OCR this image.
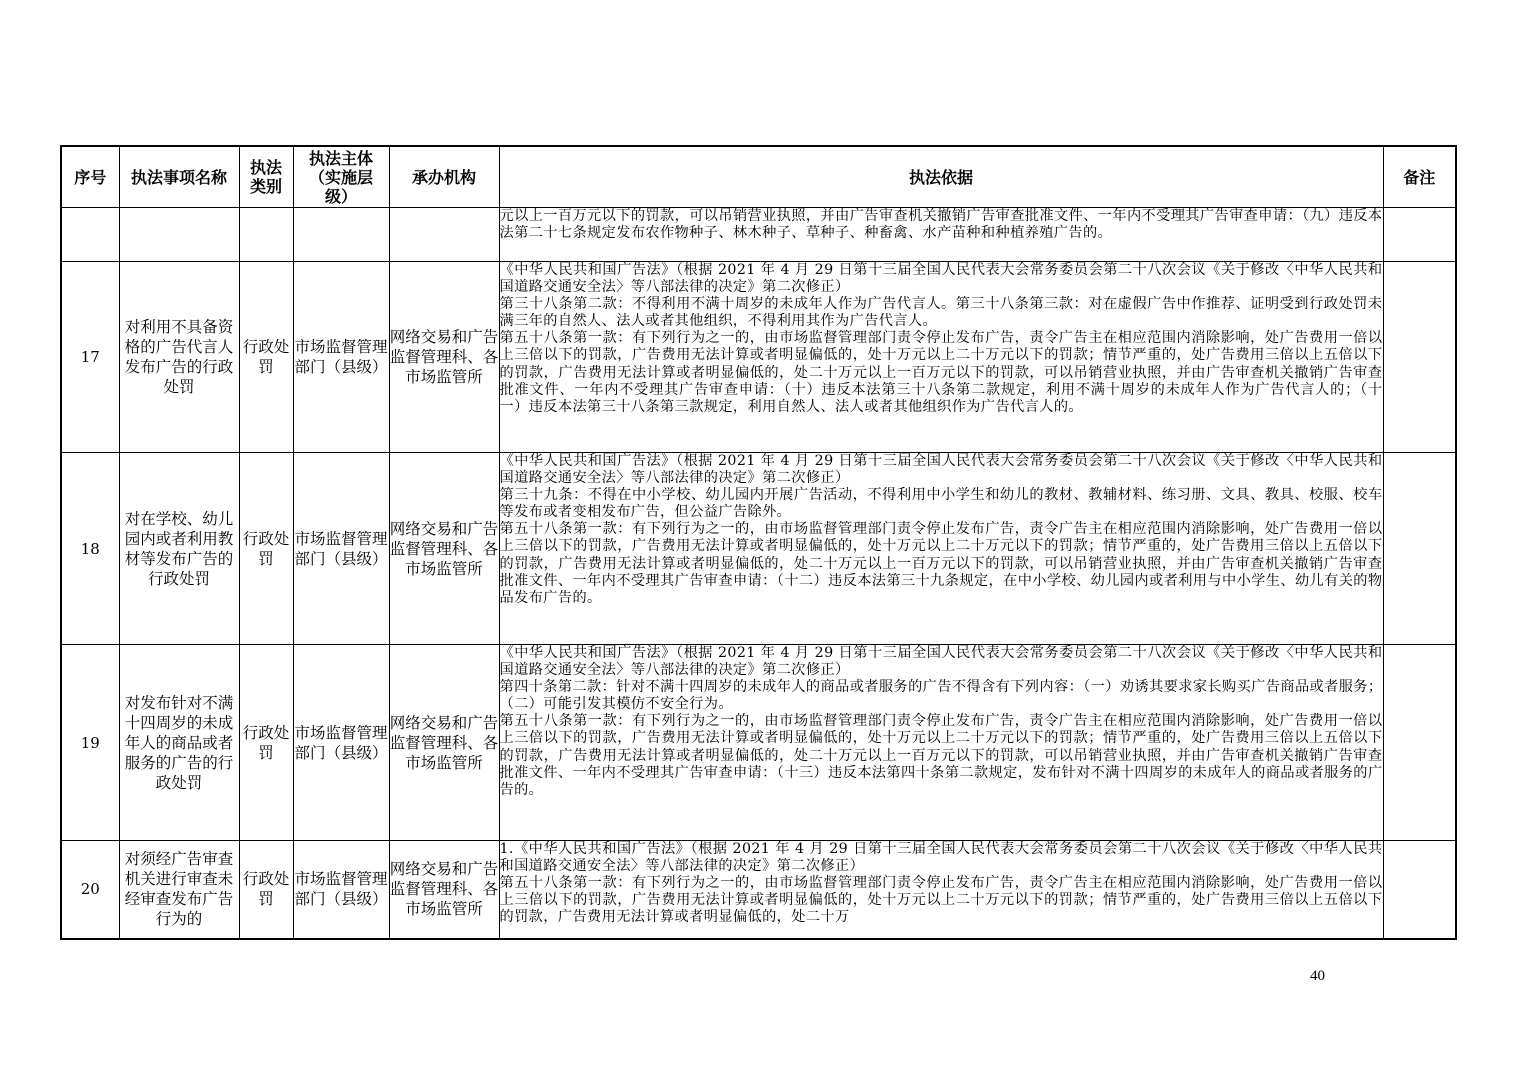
序号	执法事项名称	执法类别	执法主体（实施层级）	承办机构	执法依据	备注

					元以上一百万元以下的罚款，可以吊销营业执照，并由广告审查机关撤销广告审查批准文件、一年内不受理其广告审查申请：（九）违反本法第二十七条规定发布农作物种子、林木种子、草种子、种畜禽、水产苗种和种植养殖广告的。	

17	对利用不具备资格的广告代言人发布广告的行政处罚	行政处罚	市场监督管理部门（县级）	网络交易和广告监督管理科、各市场监管所	《中华人民共和国广告法》（根据 2021 年 4 月 29 日第十三届全国人民代表大会常务委员会第二十八次会议《关于修改〈中华人民共和国道路交通安全法〉等八部法律的决定》第二次修正）
第三十八条第二款：不得利用不满十周岁的未成年人作为广告代言人。第三十八条第三款：对在虚假广告中作推荐、证明受到行政处罚未满三年的自然人、法人或者其他组织，不得利用其作为广告代言人。
第五十八条第一款：有下列行为之一的，由市场监督管理部门责令停止发布广告，责令广告主在相应范围内消除影响，处广告费用一倍以上三倍以下的罚款，广告费用无法计算或者明显偏低的，处十万元以上二十万元以下的罚款；情节严重的，处广告费用三倍以上五倍以下的罚款，广告费用无法计算或者明显偏低的，处二十万元以上一百万元以下的罚款，可以吊销营业执照，并由广告审查机关撤销广告审查批准文件、一年内不受理其广告审查申请：（十）违反本法第三十八条第二款规定，利用不满十周岁的未成年人作为广告代言人的；（十一）违反本法第三十八条第三款规定，利用自然人、法人或者其他组织作为广告代言人的。	

18	对在学校、幼儿园内或者利用教材等发布广告的行政处罚	行政处罚	市场监督管理部门（县级）	网络交易和广告监督管理科、各市场监管所	《中华人民共和国广告法》（根据 2021 年 4 月 29 日第十三届全国人民代表大会常务委员会第二十八次会议《关于修改〈中华人民共和国道路交通安全法〉等八部法律的决定》第二次修正）
第三十九条：不得在中小学校、幼儿园内开展广告活动，不得利用中小学生和幼儿的教材、教辅材料、练习册、文具、教具、校服、校车等发布或者变相发布广告，但公益广告除外。
第五十八条第一款：有下列行为之一的，由市场监督管理部门责令停止发布广告，责令广告主在相应范围内消除影响，处广告费用一倍以上三倍以下的罚款，广告费用无法计算或者明显偏低的，处十万元以上二十万元以下的罚款；情节严重的，处广告费用三倍以上五倍以下的罚款，广告费用无法计算或者明显偏低的，处二十万元以上一百万元以下的罚款，可以吊销营业执照，并由广告审查机关撤销广告审查批准文件、一年内不受理其广告审查申请：（十二）违反本法第三十九条规定，在中小学校、幼儿园内或者利用与中小学生、幼儿有关的物品发布广告的。	

19	对发布针对不满十四周岁的未成年人的商品或者服务的广告的行政处罚	行政处罚	市场监督管理部门（县级）	网络交易和广告监督管理科、各市场监管所	《中华人民共和国广告法》（根据 2021 年 4 月 29 日第十三届全国人民代表大会常务委员会第二十八次会议《关于修改〈中华人民共和国道路交通安全法〉等八部法律的决定》第二次修正）
第四十条第二款：针对不满十四周岁的未成年人的商品或者服务的广告不得含有下列内容：（一）劝诱其要求家长购买广告商品或者服务；（二）可能引发其模仿不安全行为。
第五十八条第一款：有下列行为之一的，由市场监督管理部门责令停止发布广告，责令广告主在相应范围内消除影响，处广告费用一倍以上三倍以下的罚款，广告费用无法计算或者明显偏低的，处十万元以上二十万元以下的罚款；情节严重的，处广告费用三倍以上五倍以下的罚款，广告费用无法计算或者明显偏低的，处二十万元以上一百万元以下的罚款，可以吊销营业执照，并由广告审查机关撤销广告审查批准文件、一年内不受理其广告审查申请：（十三）违反本法第四十条第二款规定，发布针对不满十四周岁的未成年人的商品或者服务的广告的。	

20	对须经广告审查机关进行审查未经审查发布广告行为的	行政处罚	市场监督管理部门（县级）	网络交易和广告监督管理科、各市场监管所	1.《中华人民共和国广告法》（根据 2021 年 4 月 29 日第十三届全国人民代表大会常务委员会第二十八次会议《关于修改〈中华人民共和国道路交通安全法〉等八部法律的决定》第二次修正）
第五十八条第一款：有下列行为之一的，由市场监督管理部门责令停止发布广告，责令广告主在相应范围内消除影响，处广告费用一倍以上三倍以下的罚款，广告费用无法计算或者明显偏低的，处十万元以上二十万元以下的罚款；情节严重的，处广告费用三倍以上五倍以下的罚款，广告费用无法计算或者明显偏低的，处二十万	

40
